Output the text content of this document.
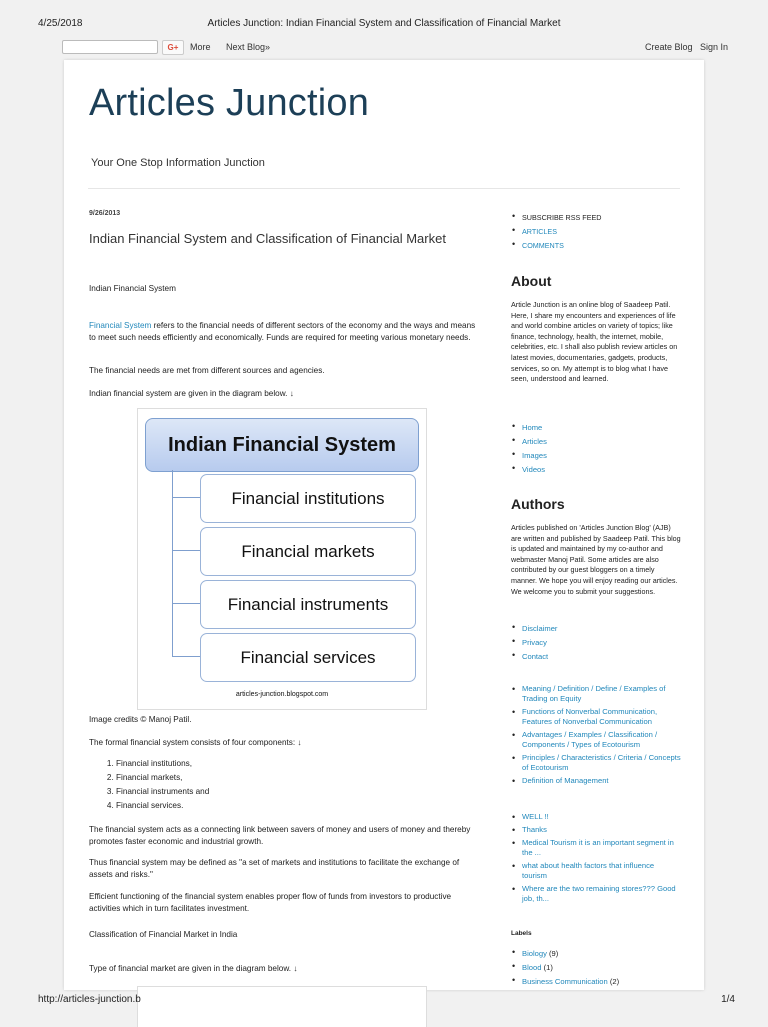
4/25/2018	Articles Junction: Indian Financial System and Classification of Financial Market
G+	More Next Blog»	Create Blog Sign In
Articles Junction
Your One Stop Information Junction
9/26/2013
Indian Financial System and Classification of Financial Market
Indian Financial System
Financial System refers to the financial needs of different sectors of the economy and the ways and means to meet such needs efficiently and economically. Funds are required for meeting various monetary needs.
The financial needs are met from different sources and agencies.
Indian financial system are given in the diagram below. ↓
Indian Financial System
Financial institutions
Financial markets
Financial instruments
Financial services
articles-junction.blogspot.com
Image credits © Manoj Patil.
The formal financial system consists of four components: ↓
1. Financial institutions,
2. Financial markets,
3. Financial instruments and
4. Financial services.
The financial system acts as a connecting link between savers of money and users of money and thereby promotes faster economic and industrial growth.
Thus financial system may be defined as "a set of markets and institutions to facilitate the exchange of assets and risks."
Efficient functioning of the financial system enables proper flow of funds from investors to productive activities which in turn facilitates investment.
Classification of Financial Market in India
Type of financial market are given in the diagram below. ↓
• SUBSCRIBE RSS FEED
• ARTICLES
• COMMENTS
About
Article Junction is an online blog of Saadeep Patil. Here, I share my encounters and experiences of life and world combine articles on variety of topics; like finance, technology, health, the internet, mobile, celebrities, etc. I shall also publish review articles on latest movies, documentaries, gadgets, products, services, so on. My attempt is to blog what I have seen, understood and learned.
• Home
• Articles
• Images
• Videos
Authors
Articles published on 'Articles Junction Blog' (AJB) are written and published by Saadeep Patil. This blog is updated and maintained by my co-author and webmaster Manoj Patil. Some articles are also contributed by our guest bloggers on a timely manner. We hope you will enjoy reading our articles. We welcome you to submit your suggestions.
• Disclaimer
• Privacy
• Contact
• Meaning / Definition / Define / Examples of Trading on Equity
• Functions of Nonverbal Communication, Features of Nonverbal Communication
• Advantages / Examples / Classification / Components / Types of Ecotourism
• Principles / Characteristics / Criteria / Concepts of Ecotourism
• Definition of Management
• WELL !!
• Thanks
• Medical Tourism it is an important segment in the ...
• what about health factors that influence tourism
• Where are the two remaining stores??? Good job, th...
Labels
• Biology (9)
• Blood (1)
• Business Communication (2)
http://articles-junction.b	1/4
